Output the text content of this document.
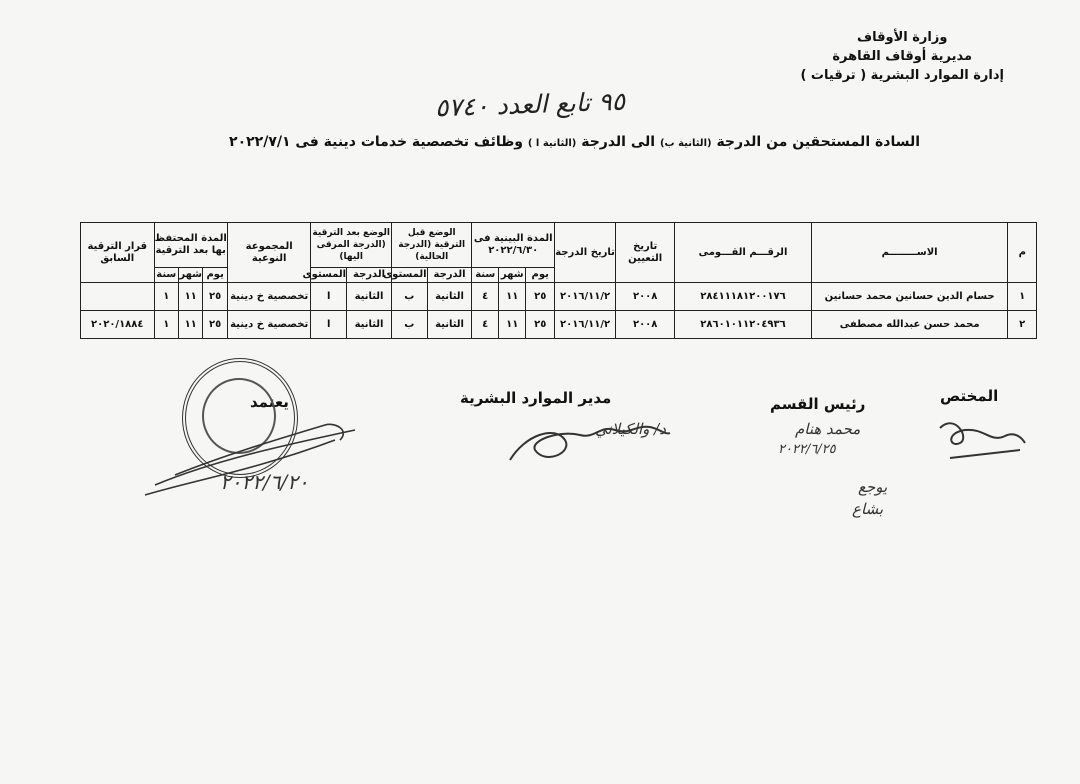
وزارة الأوقاف
مديرية أوقاف القاهرة
إدارة الموارد البشرية ( ترقيات )
٩٥ تابع العدد ٥٧٤٠
السادة المستحقين من الدرجة (الثانية ب) الى الدرجة (الثانية ا ) وظائف تخصصية خدمات دينية فى ٢٠٢٢/٧/١
م	الاســــــــم	الرقـــم القـــومى	تاريخ التعيين	تاريخ الدرجة	المدة البينية فى ٢٠٢٢/٦/٣٠			الوضع قبل الترقية (الدرجة الحالية)		الوضع بعد الترقية (الدرجة المرقى اليها)		المجموعة النوعية	المدة المحتفظ بها بعد الترقية			قرار الترقية السابق
					يوم	شهر	سنة	الدرجة	المستوى	الدرجة	المستوى		يوم	شهر	سنة	
١	حسام الدين حسانين محمد حسانين	٢٨٤١١١٨١٢٠٠١٧٦	٢٠٠٨	٢٠١٦/١١/٢	٢٥	١١	٤	الثانية	ب	الثانية	ا	تخصصية خ دينية	٢٥	١١	١	
٢	محمد حسن عبدالله مصطفى	٢٨٦٠١٠١١٢٠٤٩٣٦	٢٠٠٨	٢٠١٦/١١/٢	٢٥	١١	٤	الثانية	ب	الثانية	ا	تخصصية خ دينية	٢٥	١١	١	٢٠٢٠/١٨٨٤
المختص
رئيس القسم
مدير الموارد البشرية
يعتمد
محمد هنام
٢٠٢٢/٦/٢٥
يوجع
بشاع
د/ والكيلاني
٢٠٢٢/٦/٢٠
